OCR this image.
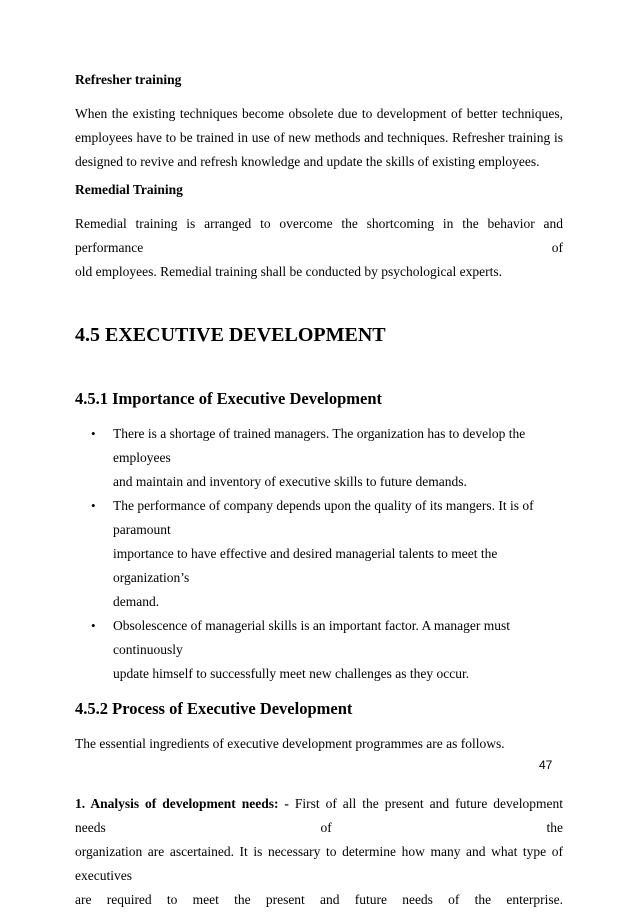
Refresher training

When the existing techniques become obsolete due to development of better techniques,

employees have to be trained in use of new methods and techniques. Refresher training is

designed to revive and refresh knowledge and update the skills of existing employees.

Remedial Training

Remedial training is arranged to overcome the shortcoming in the behavior and performance of

old employees. Remedial training shall be conducted by psychological experts.

4.5 EXECUTIVE DEVELOPMENT

4.5.1 Importance of Executive Development

• There is a shortage of trained managers. The organization has to develop the employees
and maintain and inventory of executive skills to future demands.
• The performance of company depends upon the quality of its mangers. It is of paramount
importance to have effective and desired managerial talents to meet the organization’s
demand.
• Obsolescence of managerial skills is an important factor. A manager must continuously
update himself to successfully meet new challenges as they occur.

4.5.2 Process of Executive Development

The essential ingredients of executive development programmes are as follows.

1. Analysis of development needs: - First of all the present and future development needs of the

organization are ascertained. It is necessary to determine how many and what type of executives

are required to meet the present and future needs of the enterprise.
47
